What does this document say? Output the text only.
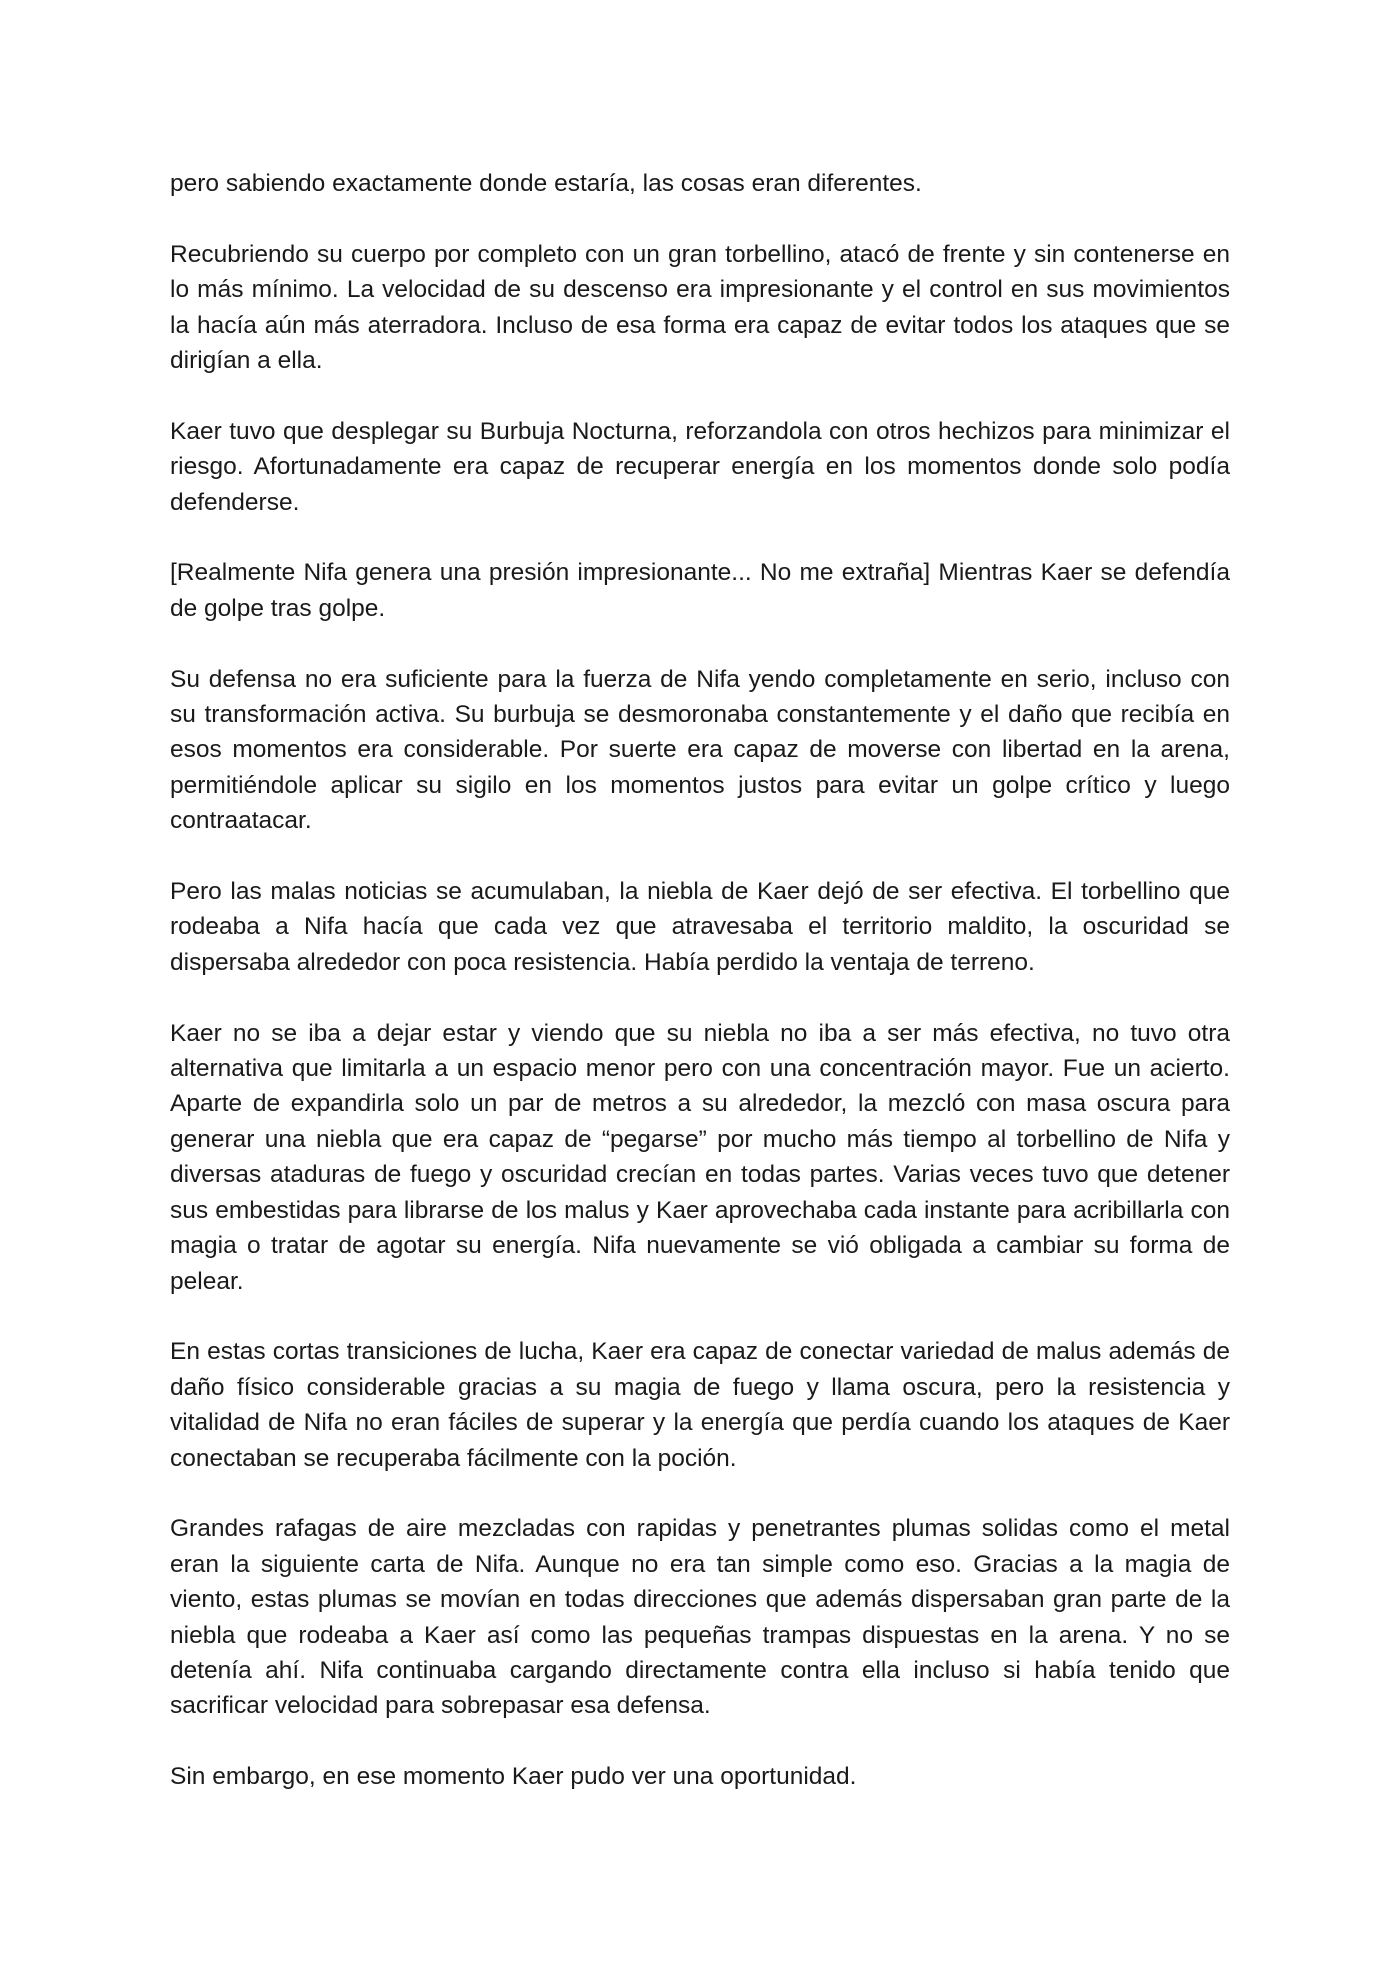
pero sabiendo exactamente donde estaría, las cosas eran diferentes.

Recubriendo su cuerpo por completo con un gran torbellino, atacó de frente y sin contenerse en lo más mínimo. La velocidad de su descenso era impresionante y el control en sus movimientos la hacía aún más aterradora. Incluso de esa forma era capaz de evitar todos los ataques que se dirigían a ella.

Kaer tuvo que desplegar su Burbuja Nocturna, reforzandola con otros hechizos para minimizar el riesgo. Afortunadamente era capaz de recuperar energía en los momentos donde solo podía defenderse.

[Realmente Nifa genera una presión impresionante... No me extraña] Mientras Kaer se defendía de golpe tras golpe.

Su defensa no era suficiente para la fuerza de Nifa yendo completamente en serio, incluso con su transformación activa. Su burbuja se desmoronaba constantemente y el daño que recibía en esos momentos era considerable. Por suerte era capaz de moverse con libertad en la arena, permitiéndole aplicar su sigilo en los momentos justos para evitar un golpe crítico y luego contraatacar.

Pero las malas noticias se acumulaban, la niebla de Kaer dejó de ser efectiva. El torbellino que rodeaba a Nifa hacía que cada vez que atravesaba el territorio maldito, la oscuridad se dispersaba alrededor con poca resistencia. Había perdido la ventaja de terreno.

Kaer no se iba a dejar estar y viendo que su niebla no iba a ser más efectiva, no tuvo otra alternativa que limitarla a un espacio menor pero con una concentración mayor. Fue un acierto. Aparte de expandirla solo un par de metros a su alrededor, la mezcló con masa oscura para generar una niebla que era capaz de “pegarse” por mucho más tiempo al torbellino de Nifa y diversas ataduras de fuego y oscuridad crecían en todas partes. Varias veces tuvo que detener sus embestidas para librarse de los malus y Kaer aprovechaba cada instante para acribillarla con magia o tratar de agotar su energía. Nifa nuevamente se vió obligada a cambiar su forma de pelear.

En estas cortas transiciones de lucha, Kaer era capaz de conectar variedad de malus además de daño físico considerable gracias a su magia de fuego y llama oscura, pero la resistencia y vitalidad de Nifa no eran fáciles de superar y la energía que perdía cuando los ataques de Kaer conectaban se recuperaba fácilmente con la poción.

Grandes rafagas de aire mezcladas con rapidas y penetrantes plumas solidas como el metal eran la siguiente carta de Nifa. Aunque no era tan simple como eso. Gracias a la magia de viento, estas plumas se movían en todas direcciones que además dispersaban gran parte de la niebla que rodeaba a Kaer así como las pequeñas trampas dispuestas en la arena. Y no se detenía ahí. Nifa continuaba cargando directamente contra ella incluso si había tenido que sacrificar velocidad para sobrepasar esa defensa.

Sin embargo, en ese momento Kaer pudo ver una oportunidad.
